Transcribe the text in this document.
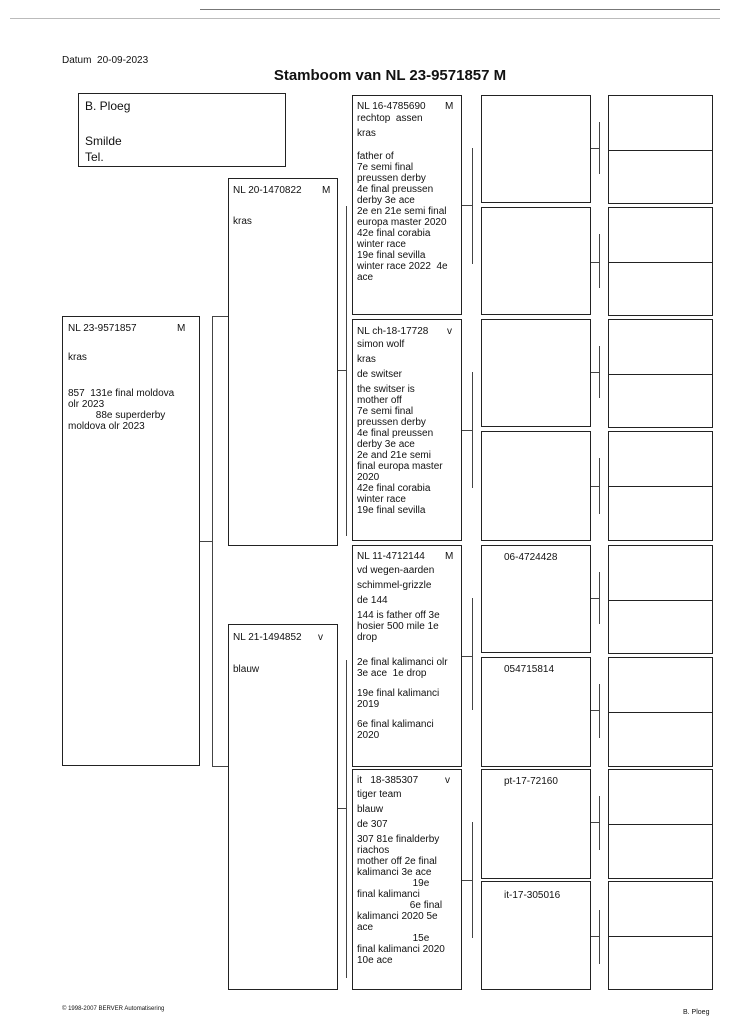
Datum  20-09-2023
Stamboom van NL 23-9571857 M
B. Ploeg
Smilde
Tel.
NL 23-9571857	M
kras
857  131e final moldova
olr 2023
88e superderby
moldova olr 2023
NL 20-1470822 M
kras
NL 21-1494852 v
blauw
NL 16-4785690 M
rechtop  assen
kras
father of
7e semi final
preussen derby
4e final preussen
derby 3e ace
2e en 21e semi final
europa master 2020
42e final corabia
winter race
19e final sevilla
winter race 2022  4e
ace
NL ch-18-17728 v
simon wolf
kras
de switser
the switser is
mother off
7e semi final
preussen derby
4e final preussen
derby 3e ace
2e and 21e semi
final europa master
2020
42e final corabia
winter race
19e final sevilla
NL 11-4712144 M
vd wegen-aarden
schimmel-grizzle
de 144
144 is father off 3e
hosier 500 mile 1e
drop
2e final kalimanci olr
3e ace  1e drop
19e final kalimanci
2019
6e final kalimanci
2020
it   18-385307	v
tiger team
blauw
de 307
307 81e finalderby
riachos
mother off 2e final
kalimanci 3e ace
19e
final kalimanci
6e final
kalimanci 2020 5e
ace
15e
final kalimanci 2020
10e ace
06-4724428
054715814
pt-17-72160
it-17-305016
© 1998-2007 BERVER Automatisering	B. Ploeg
